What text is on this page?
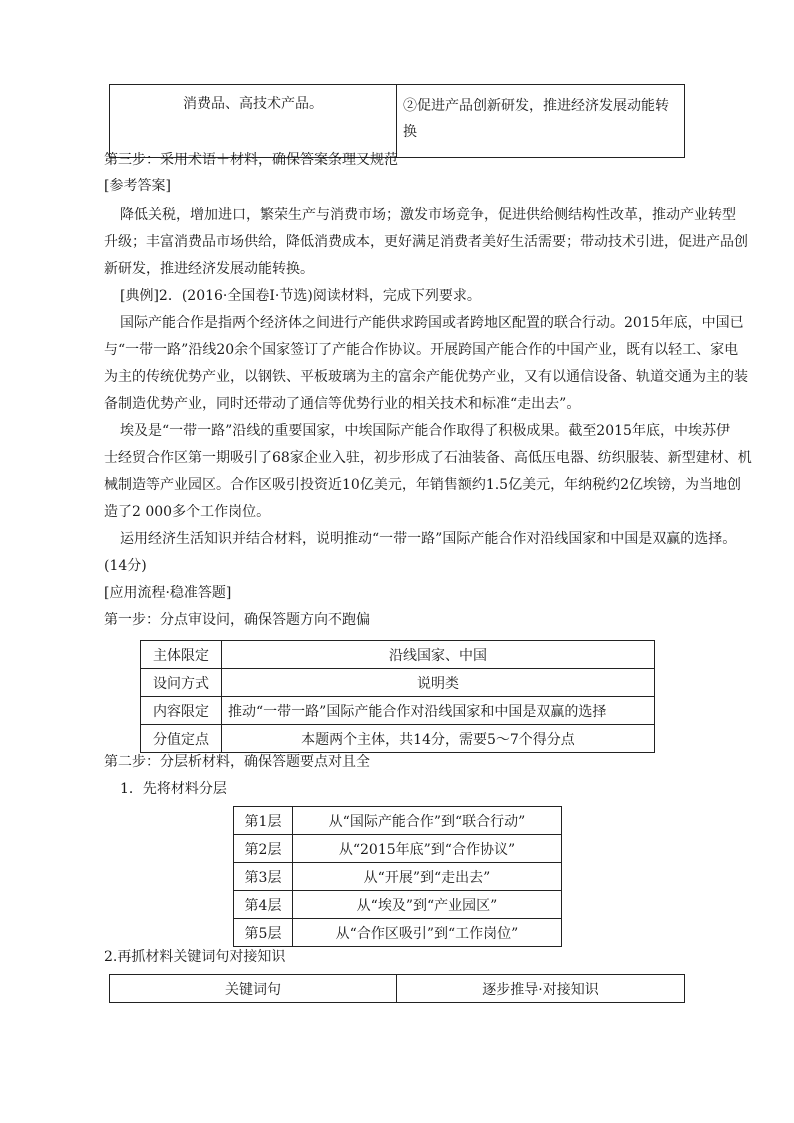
消费品、高技术产品。	②促进产品创新研发，推进经济发展动能转换
第三步：采用术语＋材料，确保答案条理又规范
[参考答案]
降低关税，增加进口，繁荣生产与消费市场；激发市场竞争，促进供给侧结构性改革，推动产业转型
升级；丰富消费品市场供给，降低消费成本，更好满足消费者美好生活需要；带动技术引进，促进产品创
新研发，推进经济发展动能转换。
[典例]2．(2016·全国卷Ⅰ·节选)阅读材料，完成下列要求。
国际产能合作是指两个经济体之间进行产能供求跨国或者跨地区配置的联合行动。2015年底，中国已
与“一带一路”沿线20余个国家签订了产能合作协议。开展跨国产能合作的中国产业，既有以轻工、家电
为主的传统优势产业，以钢铁、平板玻璃为主的富余产能优势产业，又有以通信设备、轨道交通为主的装
备制造优势产业，同时还带动了通信等优势行业的相关技术和标准“走出去”。
埃及是“一带一路”沿线的重要国家，中埃国际产能合作取得了积极成果。截至2015年底，中埃苏伊
士经贸合作区第一期吸引了68家企业入驻，初步形成了石油装备、高低压电器、纺织服装、新型建材、机
械制造等产业园区。合作区吸引投资近10亿美元，年销售额约1.5亿美元，年纳税约2亿埃镑，为当地创
造了2 000多个工作岗位。
运用经济生活知识并结合材料，说明推动“一带一路”国际产能合作对沿线国家和中国是双赢的选择。
(14分)
[应用流程·稳准答题]
第一步：分点审设问，确保答题方向不跑偏
主体限定	沿线国家、中国
设问方式	说明类
内容限定	推动“一带一路”国际产能合作对沿线国家和中国是双赢的选择
分值定点	本题两个主体，共14分，需要5～7个得分点
第二步：分层析材料，确保答题要点对且全
1．先将材料分层
第1层	从“国际产能合作”到“联合行动”
第2层	从“2015年底”到“合作协议”
第3层	从“开展”到“走出去”
第4层	从“埃及”到“产业园区”
第5层	从“合作区吸引”到“工作岗位”
2.再抓材料关键词句对接知识
关键词句	逐步推导·对接知识
